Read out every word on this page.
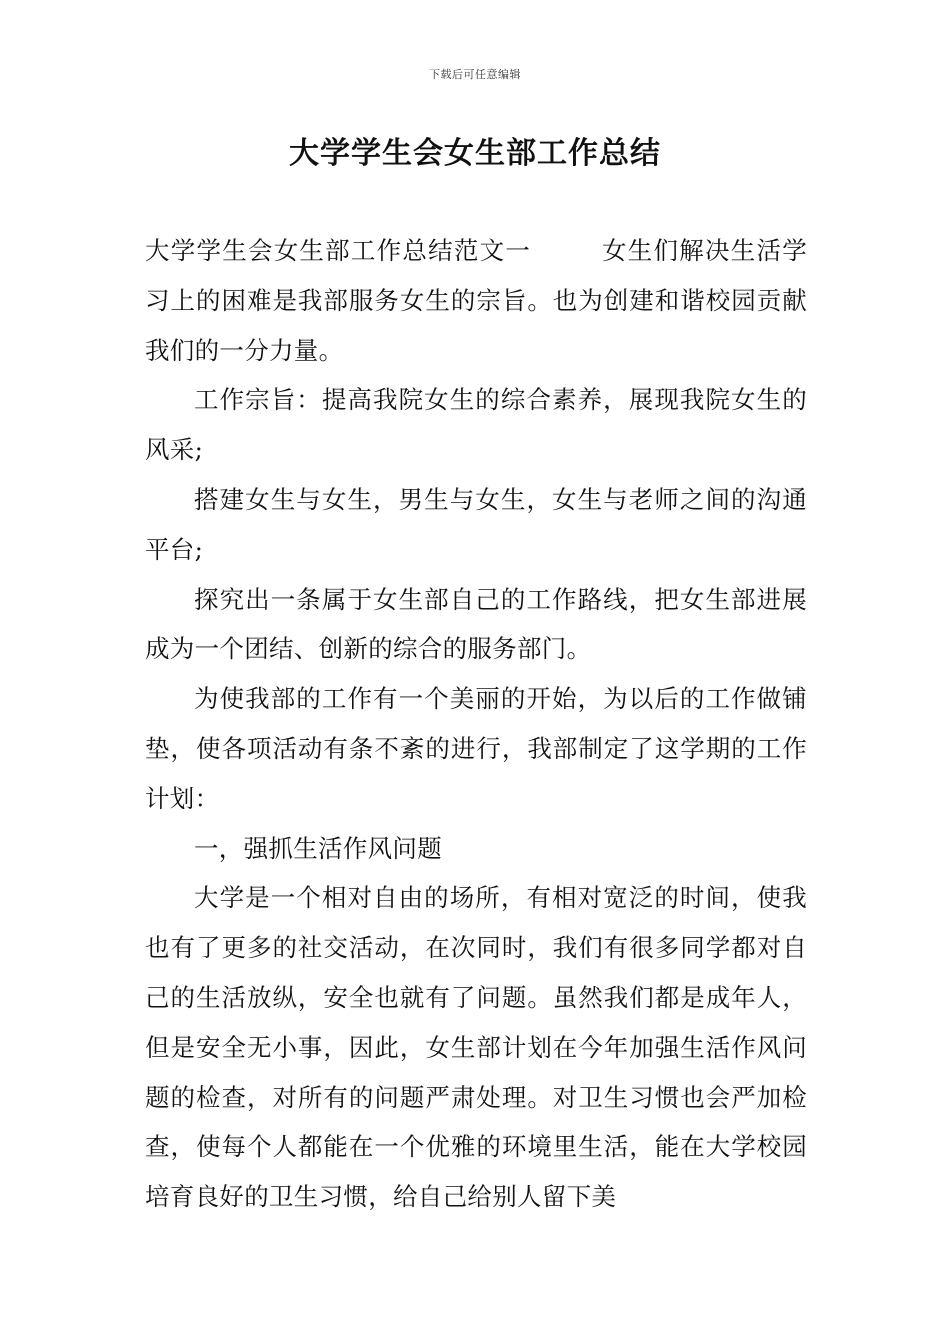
下载后可任意编辑
大学学生会女生部工作总结

大学学生会女生部工作总结范文一	女生们解决生活学习上的困难是我部服务女生的宗旨。也为创建和谐校园贡献我们的一分力量。

工作宗旨：提高我院女生的综合素养，展现我院女生的风采;

搭建女生与女生，男生与女生，女生与老师之间的沟通平台;

探究出一条属于女生部自己的工作路线，把女生部进展成为一个团结、创新的综合的服务部门。

为使我部的工作有一个美丽的开始，为以后的工作做铺垫，使各项活动有条不紊的进行，我部制定了这学期的工作计划：

一，强抓生活作风问题

大学是一个相对自由的场所，有相对宽泛的时间，使我也有了更多的社交活动，在次同时，我们有很多同学都对自己的生活放纵，安全也就有了问题。虽然我们都是成年人，但是安全无小事，因此，女生部计划在今年加强生活作风问题的检查，对所有的问题严肃处理。对卫生习惯也会严加检查，使每个人都能在一个优雅的环境里生活，能在大学校园培育良好的卫生习惯，给自己给别人留下美
